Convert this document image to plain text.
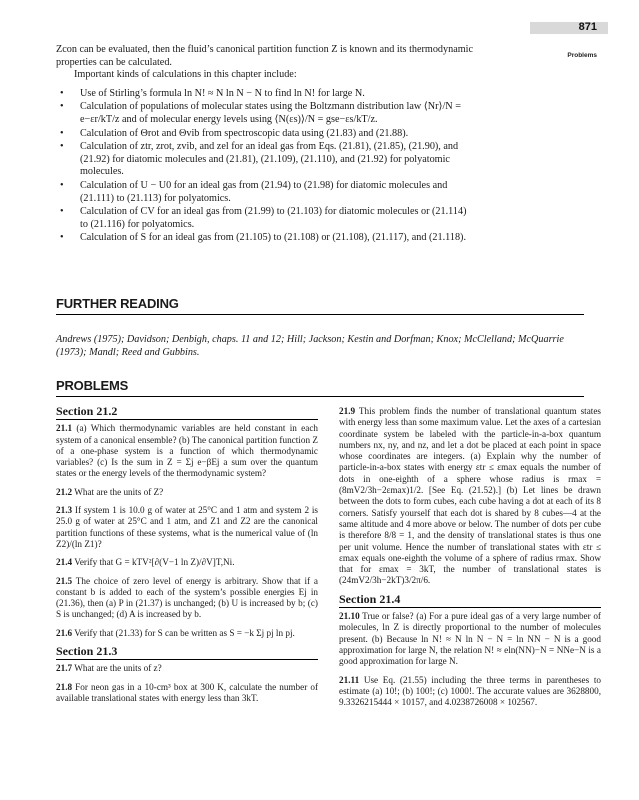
871
Problems

Zcon can be evaluated, then the fluid’s canonical partition function Z is known and its thermodynamic properties can be calculated.

Important kinds of calculations in this chapter include:

• Use of Stirling’s formula ln N! ≈ N ln N − N to find ln N! for large N.
• Calculation of populations of molecular states using the Boltzmann distribution law ⟨Nr⟩/N = e−εr/kT/z and of molecular energy levels using ⟨N(εs)⟩/N = gse−εs/kT/z.
• Calculation of Θrot and Θvib from spectroscopic data using (21.83) and (21.88).
• Calculation of ztr, zrot, zvib, and zel for an ideal gas from Eqs. (21.81), (21.85), (21.90), and (21.92) for diatomic molecules and (21.81), (21.109), (21.110), and (21.92) for polyatomic molecules.
• Calculation of U − U0 for an ideal gas from (21.94) to (21.98) for diatomic molecules and (21.111) to (21.113) for polyatomics.
• Calculation of CV for an ideal gas from (21.99) to (21.103) for diatomic molecules or (21.114) to (21.116) for polyatomics.
• Calculation of S for an ideal gas from (21.105) to (21.108) or (21.108), (21.117), and (21.118).
FURTHER READING
Andrews (1975); Davidson; Denbigh, chaps. 11 and 12; Hill; Jackson; Kestin and Dorfman; Knox; McClelland; McQuarrie (1973); Mandl; Reed and Gubbins.
PROBLEMS
Section 21.2

21.1 (a) Which thermodynamic variables are held constant in each system of a canonical ensemble? (b) The canonical partition function Z of a one-phase system is a function of which thermodynamic variables? (c) Is the sum in Z = Σj e−βEj a sum over the quantum states or the energy levels of the thermodynamic system?

21.2 What are the units of Z?

21.3 If system 1 is 10.0 g of water at 25°C and 1 atm and system 2 is 25.0 g of water at 25°C and 1 atm, and Z1 and Z2 are the canonical partition functions of these systems, what is the numerical value of (ln Z2)/(ln Z1)?

21.4 Verify that G = kTV²[∂(V−1 ln Z)/∂V]T,Ni.

21.5 The choice of zero level of energy is arbitrary. Show that if a constant b is added to each of the system’s possible energies Ej in (21.36), then (a) P in (21.37) is unchanged; (b) U is increased by b; (c) S is unchanged; (d) A is increased by b.

21.6 Verify that (21.33) for S can be written as S = −k Σj pj ln pj.

Section 21.3

21.7 What are the units of z?

21.8 For neon gas in a 10-cm³ box at 300 K, calculate the number of available translational states with energy less than 3kT.

21.9 This problem finds the number of translational quantum states with energy less than some maximum value. Let the axes of a cartesian coordinate system be labeled with the particle-in-a-box quantum numbers nx, ny, and nz, and let a dot be placed at each point in space whose coordinates are integers. (a) Explain why the number of particle-in-a-box states with energy εtr ≤ εmax equals the number of dots in one-eighth of a sphere whose radius is rmax = (8mV2/3h−2εmax)1/2. [See Eq. (21.52).] (b) Let lines be drawn between the dots to form cubes, each cube having a dot at each of its 8 corners. Satisfy yourself that each dot is shared by 8 cubes—4 at the same altitude and 4 more above or below. The number of dots per cube is therefore 8/8 = 1, and the density of translational states is thus one per unit volume. Hence the number of translational states with εtr ≤ εmax equals one-eighth the volume of a sphere of radius rmax. Show that for εmax = 3kT, the number of translational states is (24mV2/3h−2kT)3/2π/6.

Section 21.4

21.10 True or false? (a) For a pure ideal gas of a very large number of molecules, ln Z is directly proportional to the number of molecules present. (b) Because ln N! ≈ N ln N − N = ln NN − N is a good approximation for large N, the relation N! ≈ eln(NN)−N = NNe−N is a good approximation for large N.

21.11 Use Eq. (21.55) including the three terms in parentheses to estimate (a) 10!; (b) 100!; (c) 1000!. The accurate values are 3628800, 9.3326215444 × 10157, and 4.0238726008 × 102567.
